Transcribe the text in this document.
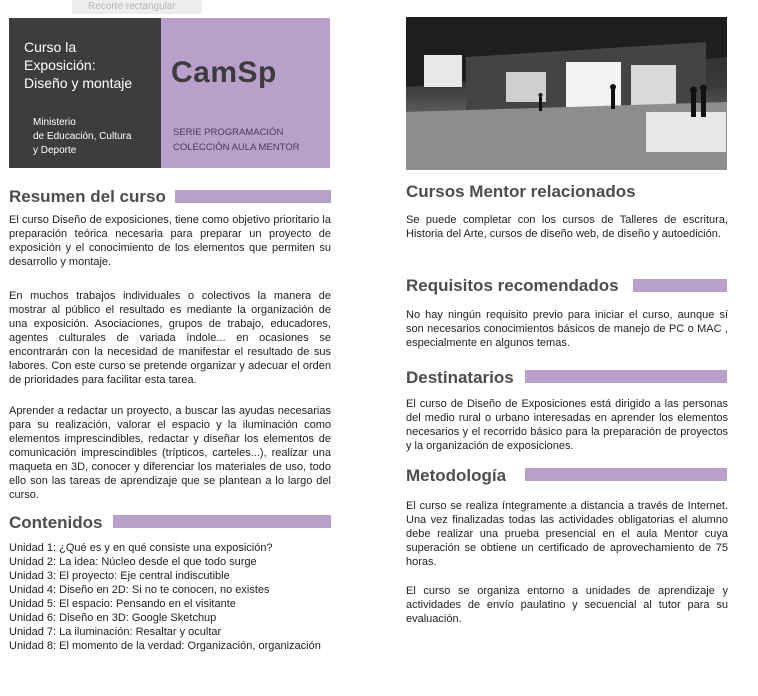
Recorte rectangular
Curso la
Exposición:
Diseño y montaje
Ministerio
de Educación, Cultura
y Deporte
CamSp
SERIE PROGRAMACIÓN
COLECCIÓN AULA MENTOR
Resumen del curso
El curso Diseño de exposiciones, tiene como objetivo prioritario la preparación teórica necesaria para preparar un proyecto de exposición y el conocimiento de los elementos que permiten su desarrollo y montaje.
En muchos trabajos individuales o colectivos la manera de mostrar al público el resultado es mediante la organización de una exposición. Asociaciones, grupos de trabajo, educadores, agentes culturales de variada índole... en ocasiones se encontrarán con la necesidad de manifestar el resultado de sus labores. Con este curso se pretende organizar y adecuar el orden de prioridades para facilitar esta tarea.
Aprender a redactar un proyecto, a buscar las ayudas necesarias para su realización, valorar el espacio y la iluminación como elementos imprescindibles, redactar y diseñar los elementos de comunicación imprescindibles (trípticos, carteles...), realizar una maqueta en 3D, conocer y diferenciar los materiales de uso, todo ello son las tareas de aprendizaje que se plantean a lo largo del curso.
Contenidos
Unidad 1: ¿Qué es y en qué consiste una exposición?
Unidad 2: La idea: Núcleo desde el que todo surge
Unidad 3: El proyecto: Eje central indiscutible
Unidad 4: Diseño en 2D: Si no te conocen, no existes
Unidad 5: El espacio: Pensando en el visitante
Unidad 6: Diseño en 3D: Google Sketchup
Unidad 7: La iluminación: Resaltar y ocultar
Unidad 8: El momento de la verdad: Organización, organización
Cursos Mentor relacionados
Se puede completar con los cursos de Talleres de escritura, Historia del Arte, cursos de diseño web, de diseño y autoedición.
Requisitos recomendados
No hay ningún requisito previo para iniciar el curso, aunque sí son necesarios conocimientos básicos de manejo de PC o MAC , especialmente en algunos temas.
Destinatarios
El curso de Diseño de Exposiciones está dirigido a las personas del medio rural o urbano interesadas en aprender los elementos necesarios y el recorrido básico para la preparación de proyectos y la organización de exposiciones.
Metodología
El curso se realiza íntegramente a distancia a través de Internet. Una vez finalizadas todas las actividades obligatorias el alumno debe realizar una prueba presencial en el aula Mentor cuya superación se obtiene un certificado de aprovechamiento de 75 horas.
El curso se organiza entorno a unidades de aprendizaje y actividades de envío paulatino y secuencial al tutor para su evaluación.
